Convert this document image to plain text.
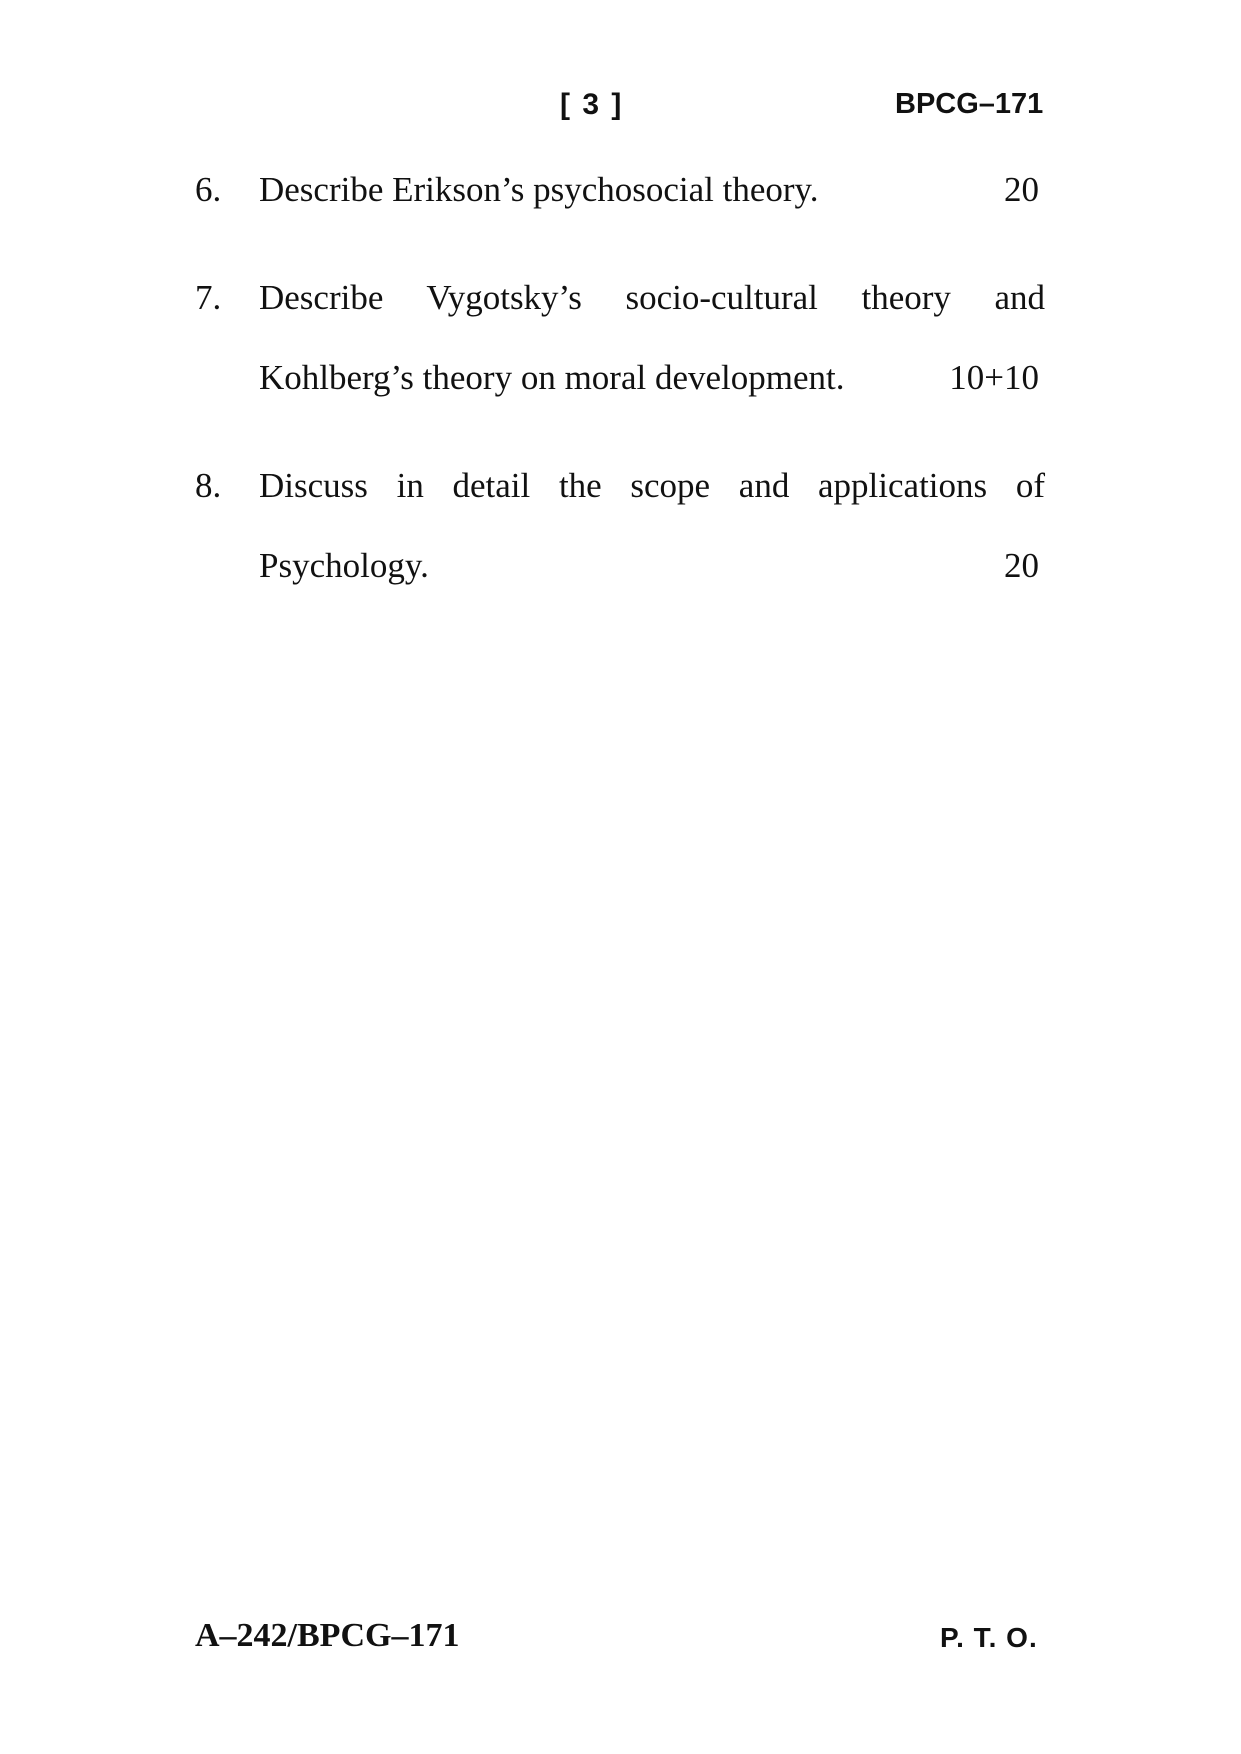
[ 3 ]	BPCG–171
6. Describe Erikson’s psychosocial theory.	20
7. Describe Vygotsky’s socio-cultural theory and
Kohlberg’s theory on moral development.	10+10
8. Discuss in detail the scope and applications of
Psychology.	20
A–242/BPCG–171	P. T. O.
